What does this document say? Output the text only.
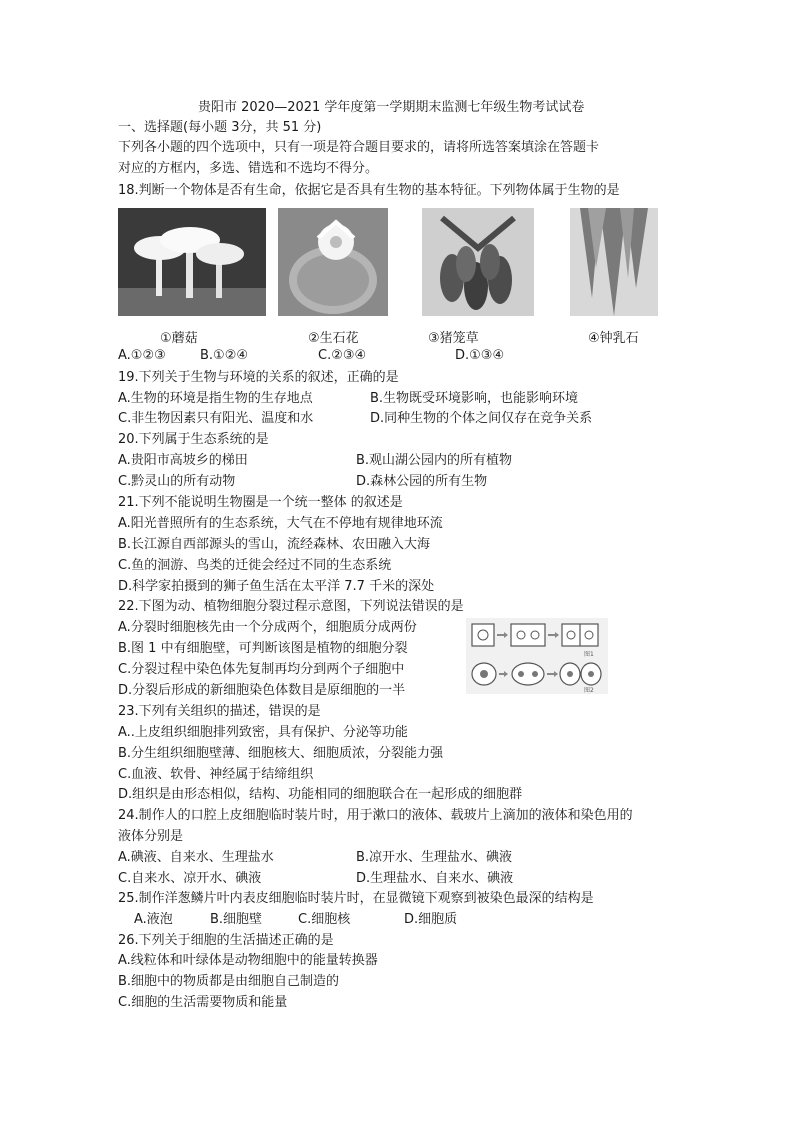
贵阳市 2020—2021 学年度第一学期期末监测七年级生物考试试卷
一、选择题(每小题 3分，共 51 分)
下列各小题的四个选项中，只有一项是符合题目要求的，请将所选答案填涂在答题卡
对应的方框内，多选、错选和不选均不得分。
18.判断一个物体是否有生命，依据它是否具有生物的基本特征。下列物体属于生物的是
①蘑菇	②生石花	③猪笼草	④钟乳石
A.①②③	B.①②④	C.②③④	D.①③④
19.下列关于生物与环境的关系的叙述，正确的是
A.生物的环境是指生物的生存地点	B.生物既受环境影响，也能影响环境
C.非生物因素只有阳光、温度和水	D.同种生物的个体之间仅存在竞争关系
20.下列属于生态系统的是
A.贵阳市高坡乡的梯田	B.观山湖公园内的所有植物
C.黔灵山的所有动物	D.森林公园的所有生物
21.下列不能说明生物圈是一个统一整体 的叙述是
A.阳光普照所有的生态系统，大气在不停地有规律地环流
B.长江源自西部源头的雪山，流经森林、农田融入大海
C.鱼的洄游、鸟类的迁徙会经过不同的生态系统
D.科学家拍摄到的狮子鱼生活在太平洋 7.7 千米的深处
22.下图为动、植物细胞分裂过程示意图，下列说法错误的是
A.分裂时细胞核先由一个分成两个，细胞质分成两份
B.图 1 中有细胞壁，可判断该图是植物的细胞分裂
C.分裂过程中染色体先复制再均分到两个子细胞中
D.分裂后形成的新细胞染色体数目是原细胞的一半
图1
图2
23.下列有关组织的描述，错误的是
A..上皮组织细胞排列致密，具有保护、分泌等功能
B.分生组织细胞壁薄、细胞核大、细胞质浓，分裂能力强
C.血液、软骨、神经属于结缔组织
D.组织是由形态相似，结构、功能相同的细胞联合在一起形成的细胞群
24.制作人的口腔上皮细胞临时装片时，用于漱口的液体、载玻片上滴加的液体和染色用的
液体分别是
A.碘液、自来水、生理盐水	B.凉开水、生理盐水、碘液
C.自来水、凉开水、碘液	D.生理盐水、自来水、碘液
25.制作洋葱鳞片叶内表皮细胞临时装片时，在显微镜下观察到被染色最深的结构是
A.液泡	B.细胞壁	C.细胞核	D.细胞质
26.下列关于细胞的生活描述正确的是
A.线粒体和叶绿体是动物细胞中的能量转换器
B.细胞中的物质都是由细胞自己制造的
C.细胞的生活需要物质和能量
